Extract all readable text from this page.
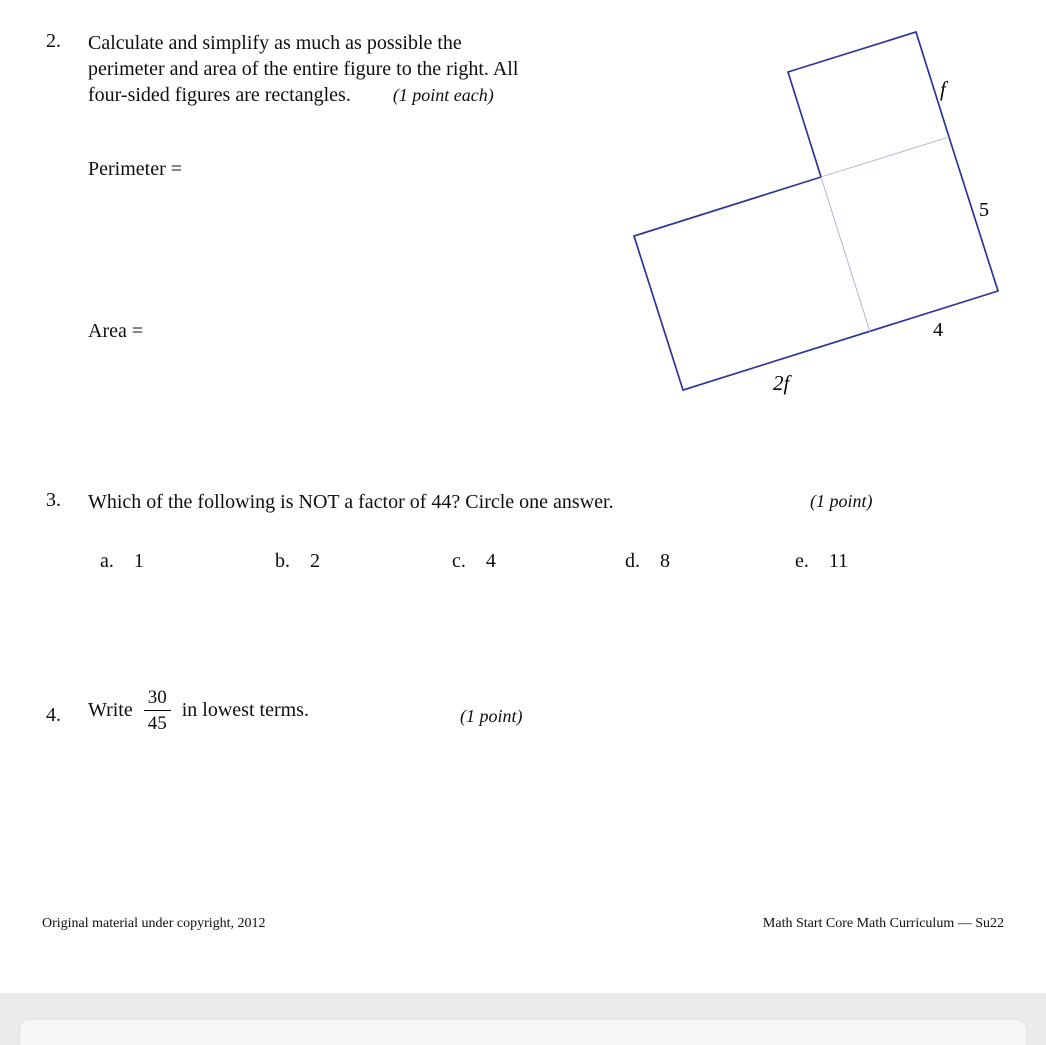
2. Calculate and simplify as much as possible the
perimeter and area of the entire figure to the right. All
four-sided figures are rectangles. (1 point each)
Perimeter =
Area =
f
5
4
2f
3. Which of the following is NOT a factor of 44? Circle one answer.	(1 point)
a. 1	b. 2	c. 4	d. 8	e. 11
4. Write $\frac{30}{45}$ in lowest terms.	(1 point)
Original material under copyright, 2012	Math Start Core Math Curriculum — Su22
